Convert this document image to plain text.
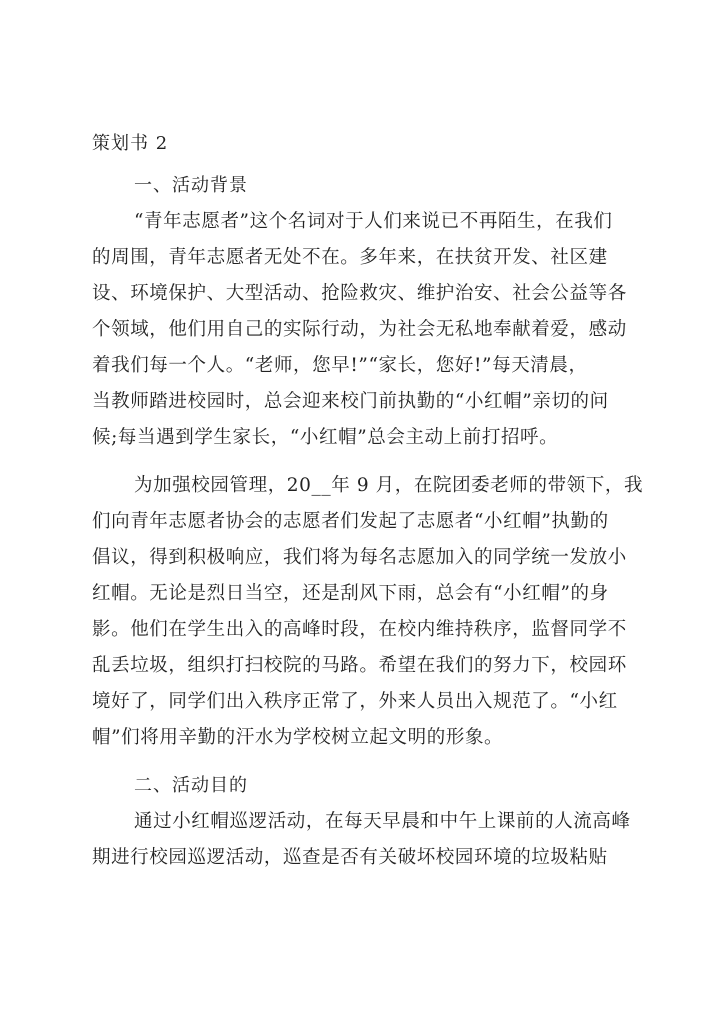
策划书 2
一、活动背景
“青年志愿者”这个名词对于人们来说已不再陌生，在我们
的周围，青年志愿者无处不在。多年来，在扶贫开发、社区建
设、环境保护、大型活动、抢险救灾、维护治安、社会公益等各
个领域，他们用自己的实际行动，为社会无私地奉献着爱，感动
着我们每一个人。“老师，您早!”“家长，您好!”每天清晨，
当教师踏进校园时，总会迎来校门前执勤的“小红帽”亲切的问
候;每当遇到学生家长，“小红帽”总会主动上前打招呼。
为加强校园管理，20__年 9 月，在院团委老师的带领下，我
们向青年志愿者协会的志愿者们发起了志愿者“小红帽”执勤的
倡议，得到积极响应，我们将为每名志愿加入的同学统一发放小
红帽。无论是烈日当空，还是刮风下雨，总会有“小红帽”的身
影。他们在学生出入的高峰时段，在校内维持秩序，监督同学不
乱丢垃圾，组织打扫校院的马路。希望在我们的努力下，校园环
境好了，同学们出入秩序正常了，外来人员出入规范了。“小红
帽”们将用辛勤的汗水为学校树立起文明的形象。
二、活动目的
通过小红帽巡逻活动，在每天早晨和中午上课前的人流高峰
期进行校园巡逻活动，巡查是否有关破坏校园环境的垃圾粘贴
